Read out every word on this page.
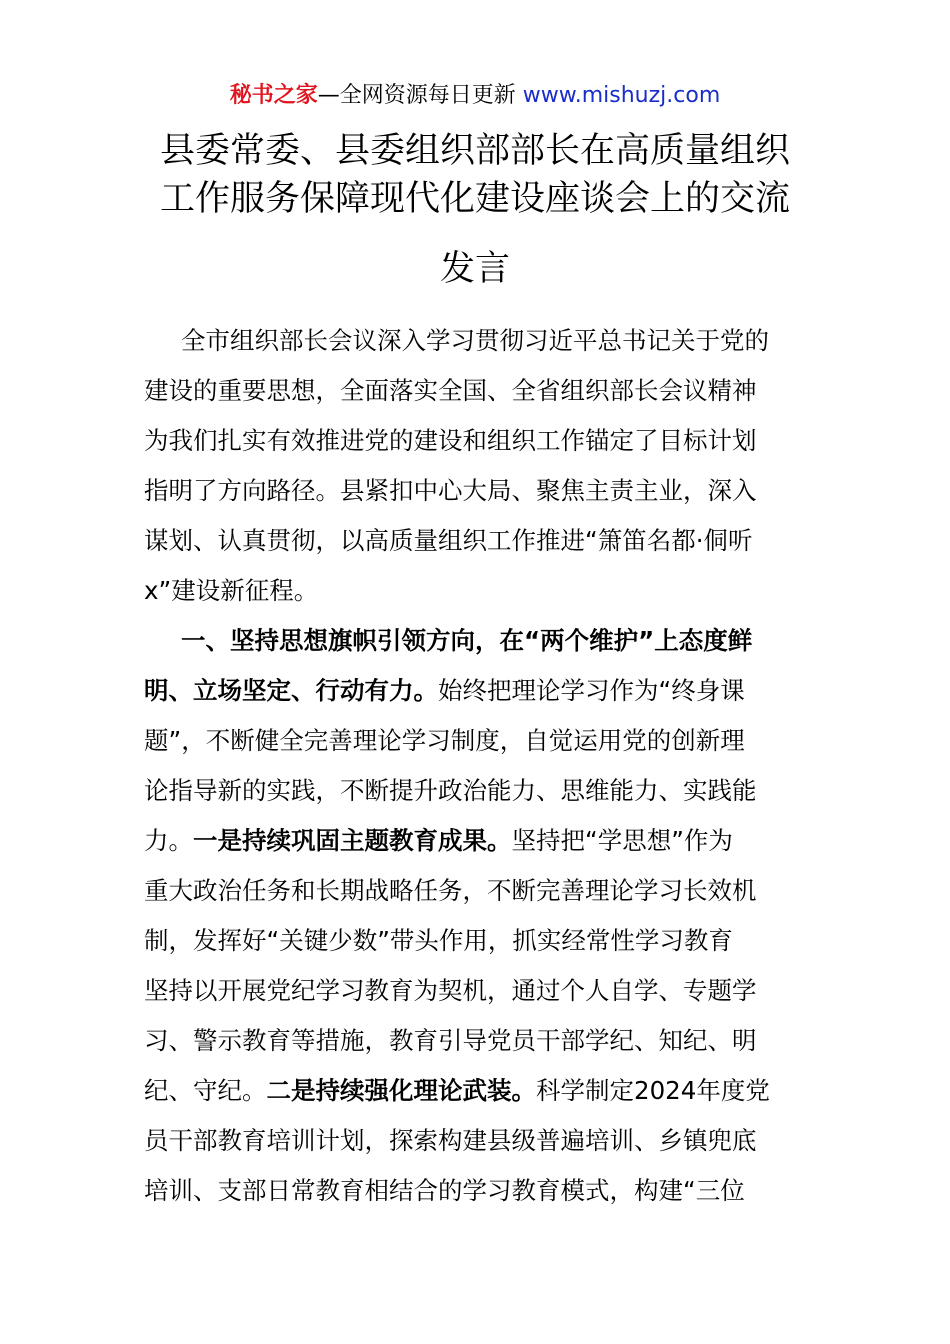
秘书之家—全网资源每日更新 www.mishuzj.com
县委常委、县委组织部部长在高质量组织
工作服务保障现代化建设座谈会上的交流
发言
全市组织部长会议深入学习贯彻习近平总书记关于党的
建设的重要思想，全面落实全国、全省组织部长会议精神
为我们扎实有效推进党的建设和组织工作锚定了目标计划
指明了方向路径。县紧扣中心大局、聚焦主责主业，深入
谋划、认真贯彻，以高质量组织工作推进“箫笛名都·侗听
x”建设新征程。
一、坚持思想旗帜引领方向，在“两个维护”上态度鲜
明、立场坚定、行动有力。始终把理论学习作为“终身课
题”，不断健全完善理论学习制度，自觉运用党的创新理
论指导新的实践，不断提升政治能力、思维能力、实践能
力。一是持续巩固主题教育成果。坚持把“学思想”作为
重大政治任务和长期战略任务，不断完善理论学习长效机
制，发挥好“关键少数”带头作用，抓实经常性学习教育
坚持以开展党纪学习教育为契机，通过个人自学、专题学
习、警示教育等措施，教育引导党员干部学纪、知纪、明
纪、守纪。二是持续强化理论武装。科学制定2024年度党
员干部教育培训计划，探索构建县级普遍培训、乡镇兜底
培训、支部日常教育相结合的学习教育模式，构建“三位
